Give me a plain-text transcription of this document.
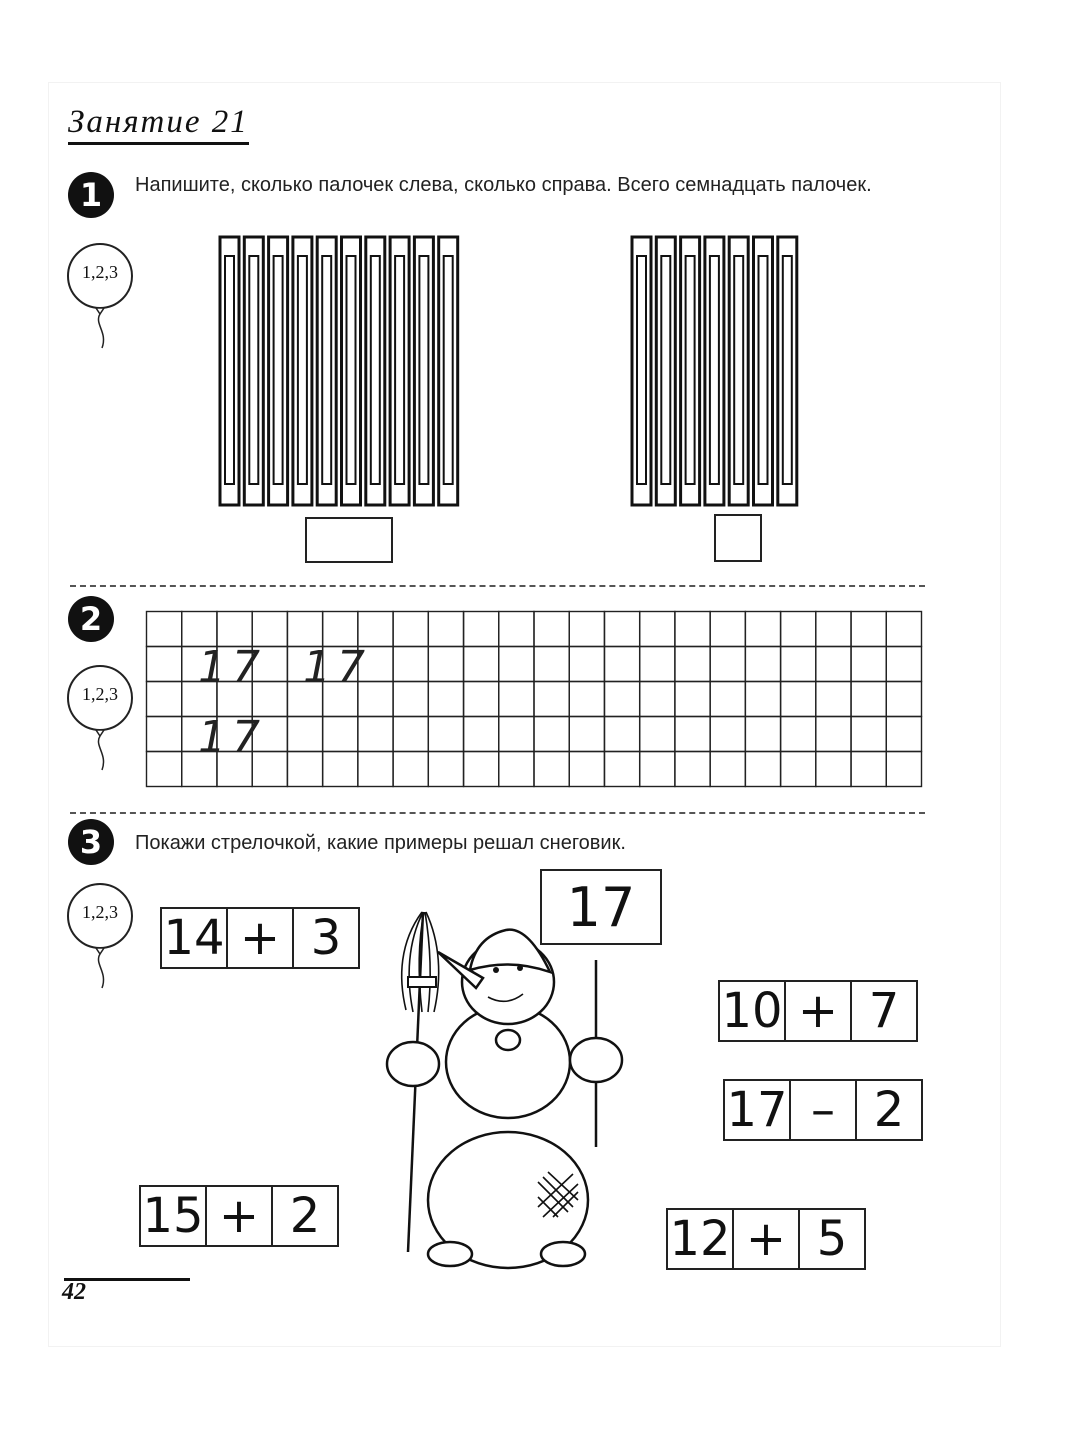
Занятие 21
1	Напишите, сколько палочек слева, сколько справа. Всего семнадцать палочек.
1,2,3
2
1,2,3
17 17
17
3	Покажи стрелочкой, какие примеры решал снеговик.
1,2,3 14 + 3
10 + 7
17 – 2
15 + 2	12 + 5
17
42
